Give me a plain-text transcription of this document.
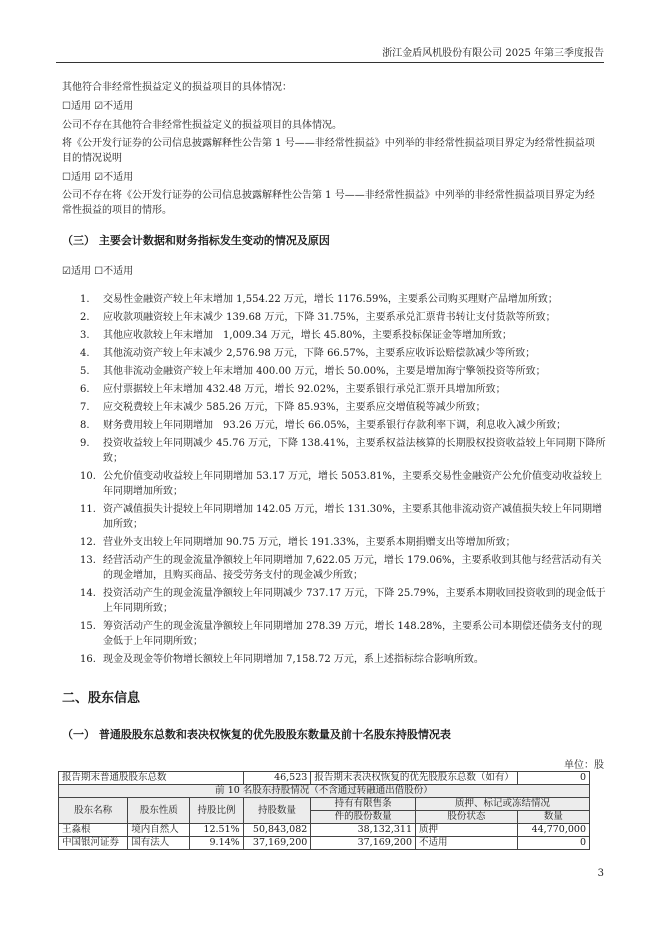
浙江金盾风机股份有限公司 2025 年第三季度报告
其他符合非经常性损益定义的损益项目的具体情况：
☐适用 ☑不适用
公司不存在其他符合非经常性损益定义的损益项目的具体情况。
将《公开发行证券的公司信息披露解释性公告第 1 号——非经常性损益》中列举的非经常性损益项目界定为经常性损益项目的情况说明
☐适用 ☑不适用
公司不存在将《公开发行证券的公司信息披露解释性公告第 1 号——非经常性损益》中列举的非经常性损益项目界定为经常性损益的项目的情形。
（三） 主要会计数据和财务指标发生变动的情况及原因
☑适用 ☐不适用
1.	交易性金融资产较上年末增加 1,554.22 万元，增长 1176.59%，主要系公司购买理财产品增加所致；
2.	应收款项融资较上年末减少 139.68 万元，下降 31.75%，主要系承兑汇票背书转让支付货款等所致；
3.	其他应收款较上年末增加　1,009.34 万元，增长 45.80%，主要系投标保证金等增加所致；
4.	其他流动资产较上年末减少 2,576.98 万元，下降 66.57%，主要系应收诉讼赔偿款减少等所致；
5.	其他非流动金融资产较上年末增加 400.00 万元，增长 50.00%，主要是增加海宁擎领投资等所致；
6.	应付票据较上年末增加 432.48 万元，增长 92.02%，主要系银行承兑汇票开具增加所致；
7.	应交税费较上年末减少 585.26 万元，下降 85.93%，主要系应交增值税等减少所致；
8.	财务费用较上年同期增加　93.26 万元，增长 66.05%，主要系银行存款利率下调，利息收入减少所致；
9.	投资收益较上年同期减少 45.76 万元，下降 138.41%，主要系权益法核算的长期股权投资收益较上年同期下降所致；
10. 公允价值变动收益较上年同期增加 53.17 万元，增长 5053.81%，主要系交易性金融资产公允价值变动收益较上年同期增加所致；
11. 资产减值损失计提较上年同期增加 142.05 万元，增长 131.30%，主要系其他非流动资产减值损失较上年同期增加所致；
12. 营业外支出较上年同期增加 90.75 万元，增长 191.33%，主要系本期捐赠支出等增加所致；
13. 经营活动产生的现金流量净额较上年同期增加 7,622.05 万元，增长 179.06%，主要系收到其他与经营活动有关的现金增加，且购买商品、接受劳务支付的现金减少所致；
14. 投资活动产生的现金流量净额较上年同期减少 737.17 万元，下降 25.79%，主要系本期收回投资收到的现金低于上年同期所致；
15. 筹资活动产生的现金流量净额较上年同期增加 278.39 万元，增长 148.28%，主要系公司本期偿还债务支付的现金低于上年同期所致；
16. 现金及现金等价物增长额较上年同期增加 7,158.72 万元，系上述指标综合影响所致。
二、股东信息
（一） 普通股股东总数和表决权恢复的优先股股东数量及前十名股东持股情况表
单位：股
报告期末普通股股东总数			46,523	报告期末表决权恢复的优先股股东总数（如有）		0
前 10 名股东持股情况（不含通过转融通出借股份）						
股东名称	股东性质	持股比例	持股数量	持有有限售条	质押、标记或冻结情况	
				件的股份数量	股份状态	数量
王淼根	境内自然人	12.51%	50,843,082	38,132,311	质押	44,770,000
中国银河证券	国有法人	9.14%	37,169,200	37,169,200	不适用	0
3
